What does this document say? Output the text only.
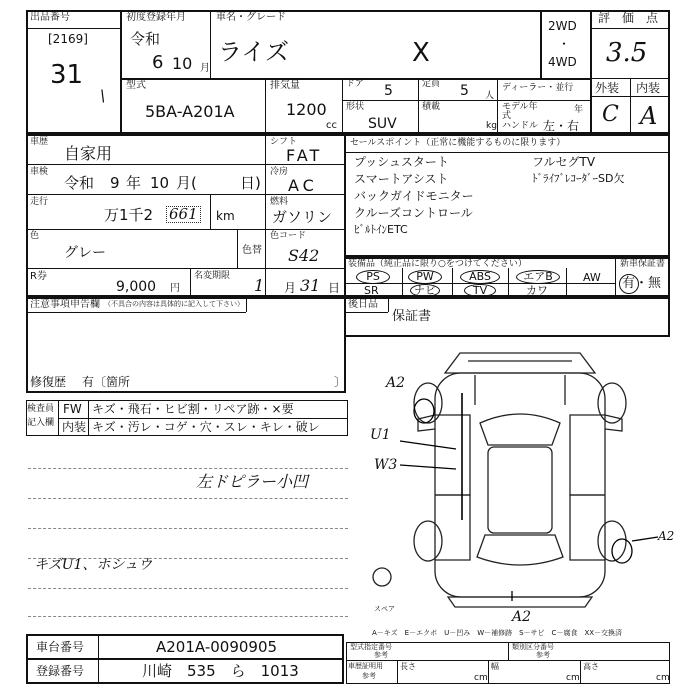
出品番号
[2169]
31
\
初度登録年月
令和
6 10 月
車名・グレード
ライズ	X
2WD
・
4WD
評　価　点
3.5
型式
5BA-A201A
排気量
1200
cc
ドア 5	定員 5 人
ディーラー・並行
形状
SUV
積載
kg
モデル年式
年
ハンドル 左・右
外装 内装
C A
車歴
自家用
シフト
FAT
車検
令和 9 年 10 月(	日)
冷房
AC
走行
万1千2 661 km
燃料
ガソリン
色
グレー	色替
色コード
S42
R券
9,000 円
名変期限 1 月 31 日
セールスポイント（正常に機能するものに限ります）
プッシュスタート
スマートアシスト
バックガイドモニター
クルーズコントロール
ﾋﾞﾙﾄｲﾝETC
フルセグTV
ﾄﾞﾗｲﾌﾞﾚｺｰﾀﾞｰSD欠
装備品（純正品に限り○をつけてください）	新車保証書
PS	PW	ABS	エアB	AW
SR	ナビ	TV	カワ	有・無
注意事項申告欄 （不具合の内容は具体的に記入して下さい）
修復歴 有〔箇所	〕
後日品
保証書
検査員
記入欄
FW キズ・飛石・ヒビ割・リペア跡・×要
内装 キズ・汚レ・コゲ・穴・スレ・キレ・破レ
左ドピラー小凹
キズU1、ホシュウ
A2
U1
W3
A2
A2
スペア
A－キズ　E－エクボ　U－凹み　W－補修跡　S－サビ　C－腐食　XX－交換済
車台番号	A201A-0090905
登録番号	川崎　535　ら　1013
型式指定番号
参考
類別区分番号
参考
車歴証明用
参考
長さ
cm
幅
cm
高さ
cm
